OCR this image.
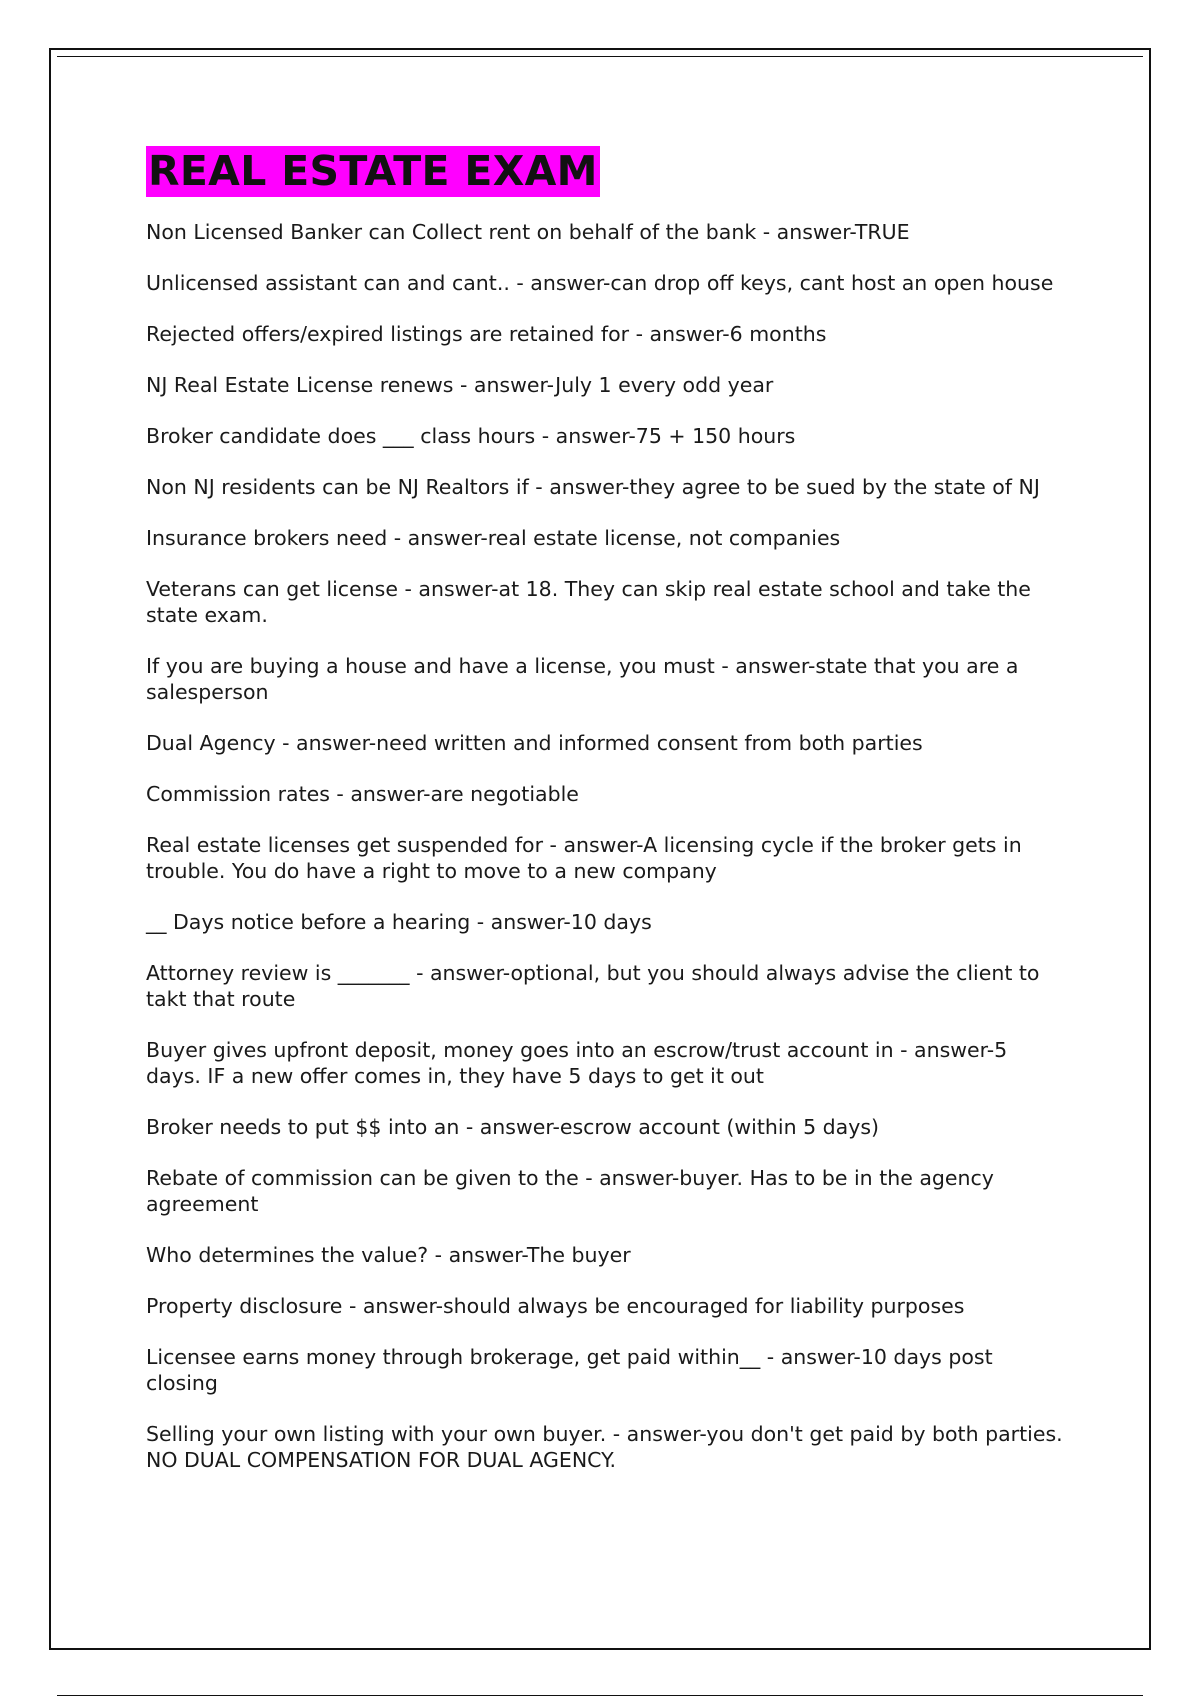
REAL ESTATE EXAM
Non Licensed Banker can Collect rent on behalf of the bank - answer-TRUE
Unlicensed assistant can and cant.. - answer-can drop off keys, cant host an open house
Rejected offers/expired listings are retained for - answer-6 months
NJ Real Estate License renews - answer-July 1 every odd year
Broker candidate does ___ class hours - answer-75 + 150 hours
Non NJ residents can be NJ Realtors if - answer-they agree to be sued by the state of NJ
Insurance brokers need - answer-real estate license, not companies
Veterans can get license - answer-at 18. They can skip real estate school and take the state exam.
If you are buying a house and have a license, you must - answer-state that you are a salesperson
Dual Agency - answer-need written and informed consent from both parties
Commission rates - answer-are negotiable
Real estate licenses get suspended for - answer-A licensing cycle if the broker gets in trouble. You do have a right to move to a new company
__ Days notice before a hearing - answer-10 days
Attorney review is _______ - answer-optional, but you should always advise the client to takt that route
Buyer gives upfront deposit, money goes into an escrow/trust account in - answer-5 days. IF a new offer comes in, they have 5 days to get it out
Broker needs to put $$ into an - answer-escrow account (within 5 days)
Rebate of commission can be given to the - answer-buyer. Has to be in the agency agreement
Who determines the value? - answer-The buyer
Property disclosure - answer-should always be encouraged for liability purposes
Licensee earns money through brokerage, get paid within__ - answer-10 days post closing
Selling your own listing with your own buyer. - answer-you don't get paid by both parties. NO DUAL COMPENSATION FOR DUAL AGENCY.
